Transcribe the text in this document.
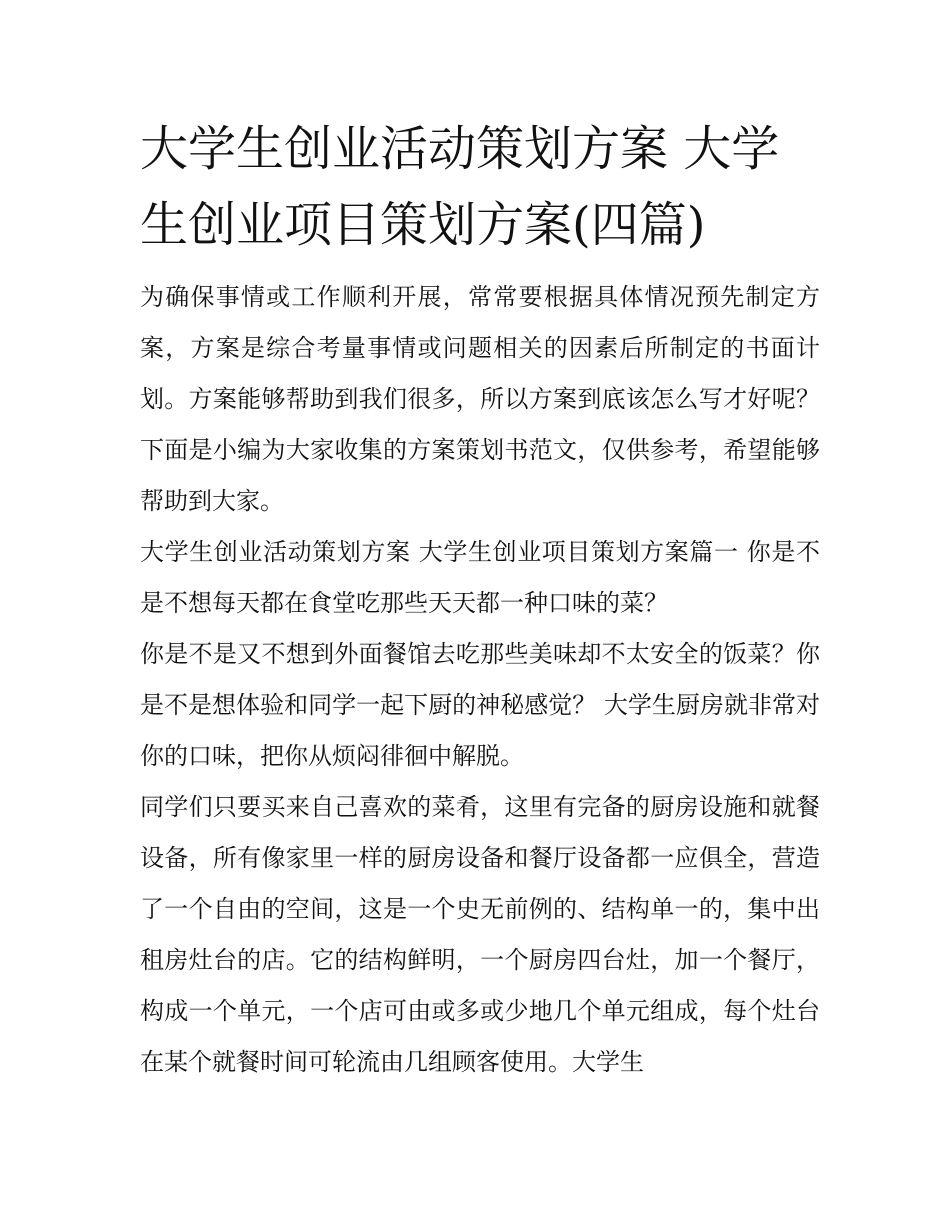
大学生创业活动策划方案 大学生创业项目策划方案(四篇)

为确保事情或工作顺利开展，常常要根据具体情况预先制定方案，方案是综合考量事情或问题相关的因素后所制定的书面计划。方案能够帮助到我们很多，所以方案到底该怎么写才好呢？下面是小编为大家收集的方案策划书范文，仅供参考，希望能够帮助到大家。

大学生创业活动策划方案 大学生创业项目策划方案篇一 你是不是不想每天都在食堂吃那些天天都一种口味的菜？

你是不是又不想到外面餐馆去吃那些美味却不太安全的饭菜？你是不是想体验和同学一起下厨的神秘感觉？ 大学生厨房就非常对你的口味，把你从烦闷徘徊中解脱。

同学们只要买来自己喜欢的菜肴，这里有完备的厨房设施和就餐设备，所有像家里一样的厨房设备和餐厅设备都一应俱全，营造了一个自由的空间，这是一个史无前例的、结构单一的，集中出租房灶台的店。它的结构鲜明，一个厨房四台灶，加一个餐厅，构成一个单元，一个店可由或多或少地几个单元组成，每个灶台在某个就餐时间可轮流由几组顾客使用。大学生
